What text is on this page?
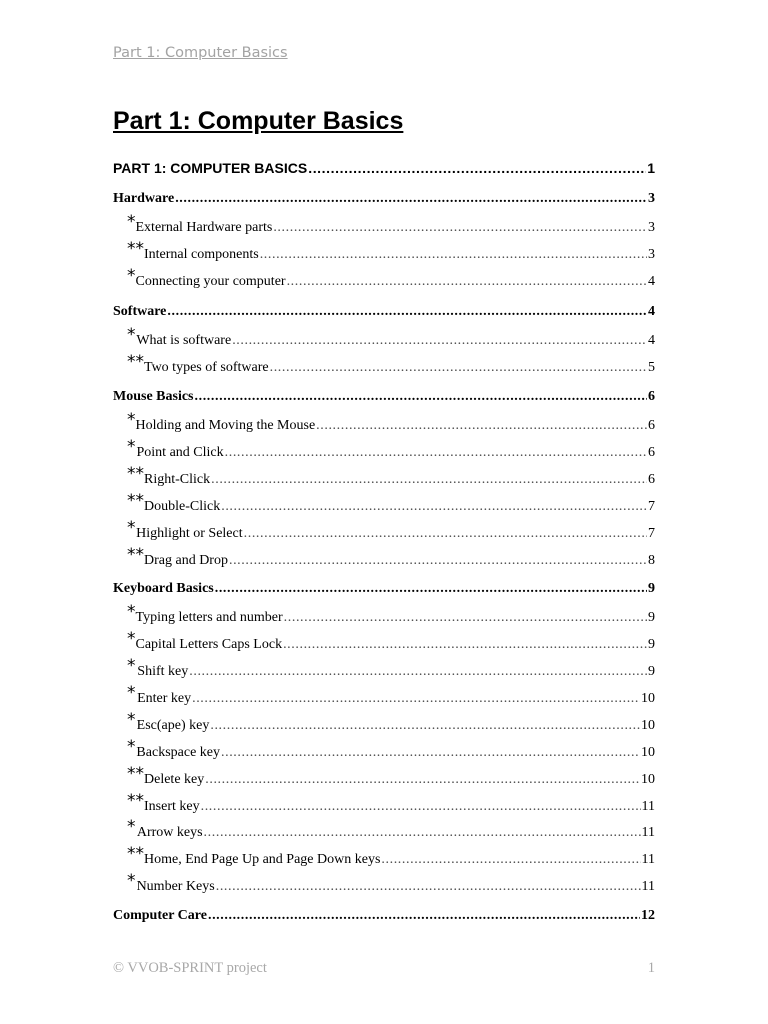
Part 1: Computer Basics
Part 1: Computer Basics
PART 1: COMPUTER BASICS .....	1
Hardware .....	3
* External Hardware parts .....	3
** Internal components .....	3
* Connecting your computer .....	4
Software .....	4
* What is software .....	4
** Two types of software .....	5
Mouse Basics .....	6
* Holding and Moving the Mouse .....	6
* Point and Click .....	6
** Right-Click .....	6
** Double-Click .....	7
* Highlight or Select .....	7
** Drag and Drop .....	8
Keyboard Basics .....	9
* Typing letters and number .....	9
* Capital Letters Caps Lock .....	9
* Shift key .....	9
* Enter key .....	10
* Esc(ape) key .....	10
* Backspace key .....	10
** Delete key .....	10
** Insert key .....	11
* Arrow keys .....	11
** Home, End Page Up and Page Down keys .....	11
* Number Keys .....	11
Computer Care .....	12
© VVOB-SPRINT project	1
